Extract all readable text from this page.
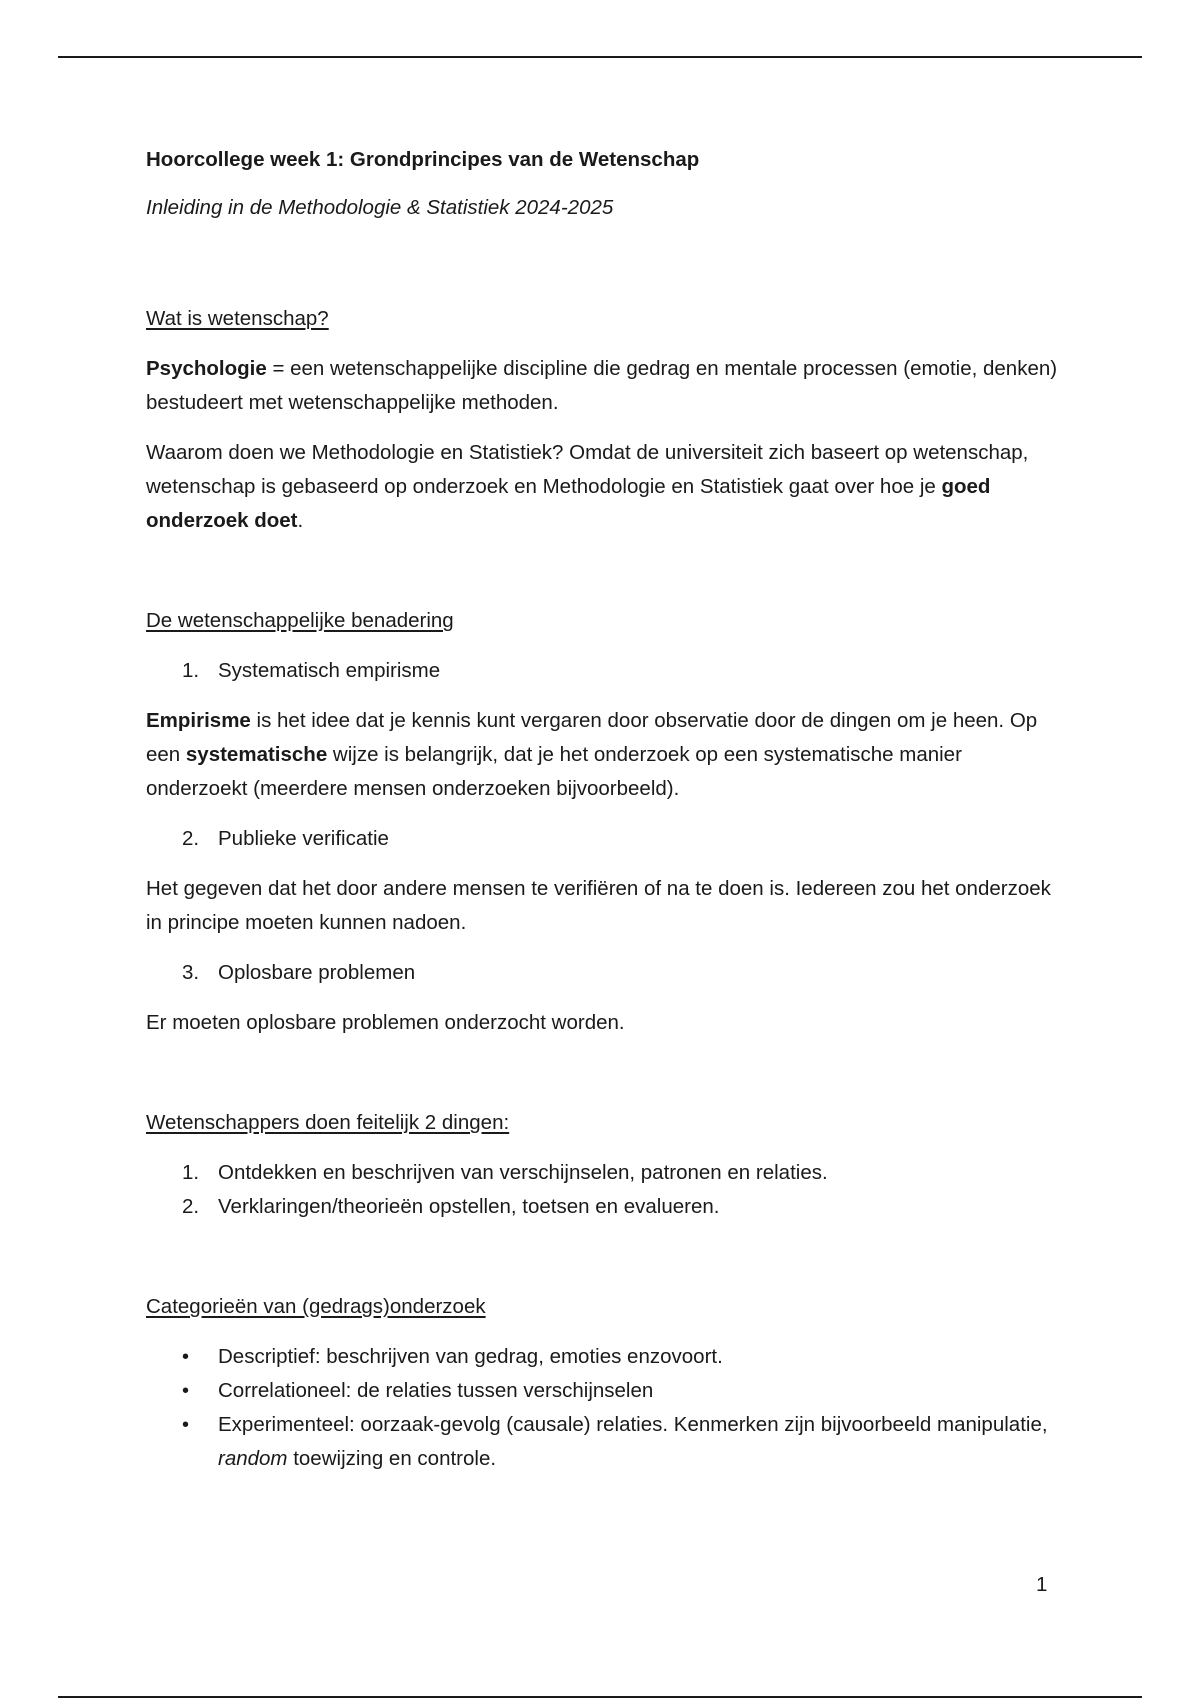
Hoorcollege week 1: Grondprincipes van de Wetenschap

Inleiding in de Methodologie & Statistiek 2024-2025

Wat is wetenschap?

Psychologie = een wetenschappelijke discipline die gedrag en mentale processen (emotie, denken) bestudeert met wetenschappelijke methoden.

Waarom doen we Methodologie en Statistiek? Omdat de universiteit zich baseert op wetenschap, wetenschap is gebaseerd op onderzoek en Methodologie en Statistiek gaat over hoe je goed onderzoek doet.

De wetenschappelijke benadering

1. Systematisch empirisme

Empirisme is het idee dat je kennis kunt vergaren door observatie door de dingen om je heen. Op een systematische wijze is belangrijk, dat je het onderzoek op een systematische manier onderzoekt (meerdere mensen onderzoeken bijvoorbeeld).

2. Publieke verificatie

Het gegeven dat het door andere mensen te verifiëren of na te doen is. Iedereen zou het onderzoek in principe moeten kunnen nadoen.

3. Oplosbare problemen

Er moeten oplosbare problemen onderzocht worden.

Wetenschappers doen feitelijk 2 dingen:

1. Ontdekken en beschrijven van verschijnselen, patronen en relaties.
2. Verklaringen/theorieën opstellen, toetsen en evalueren.

Categorieën van (gedrags)onderzoek

• Descriptief: beschrijven van gedrag, emoties enzovoort.
• Correlationeel: de relaties tussen verschijnselen
• Experimenteel: oorzaak-gevolg (causale) relaties. Kenmerken zijn bijvoorbeeld manipulatie, random toewijzing en controle.
1
